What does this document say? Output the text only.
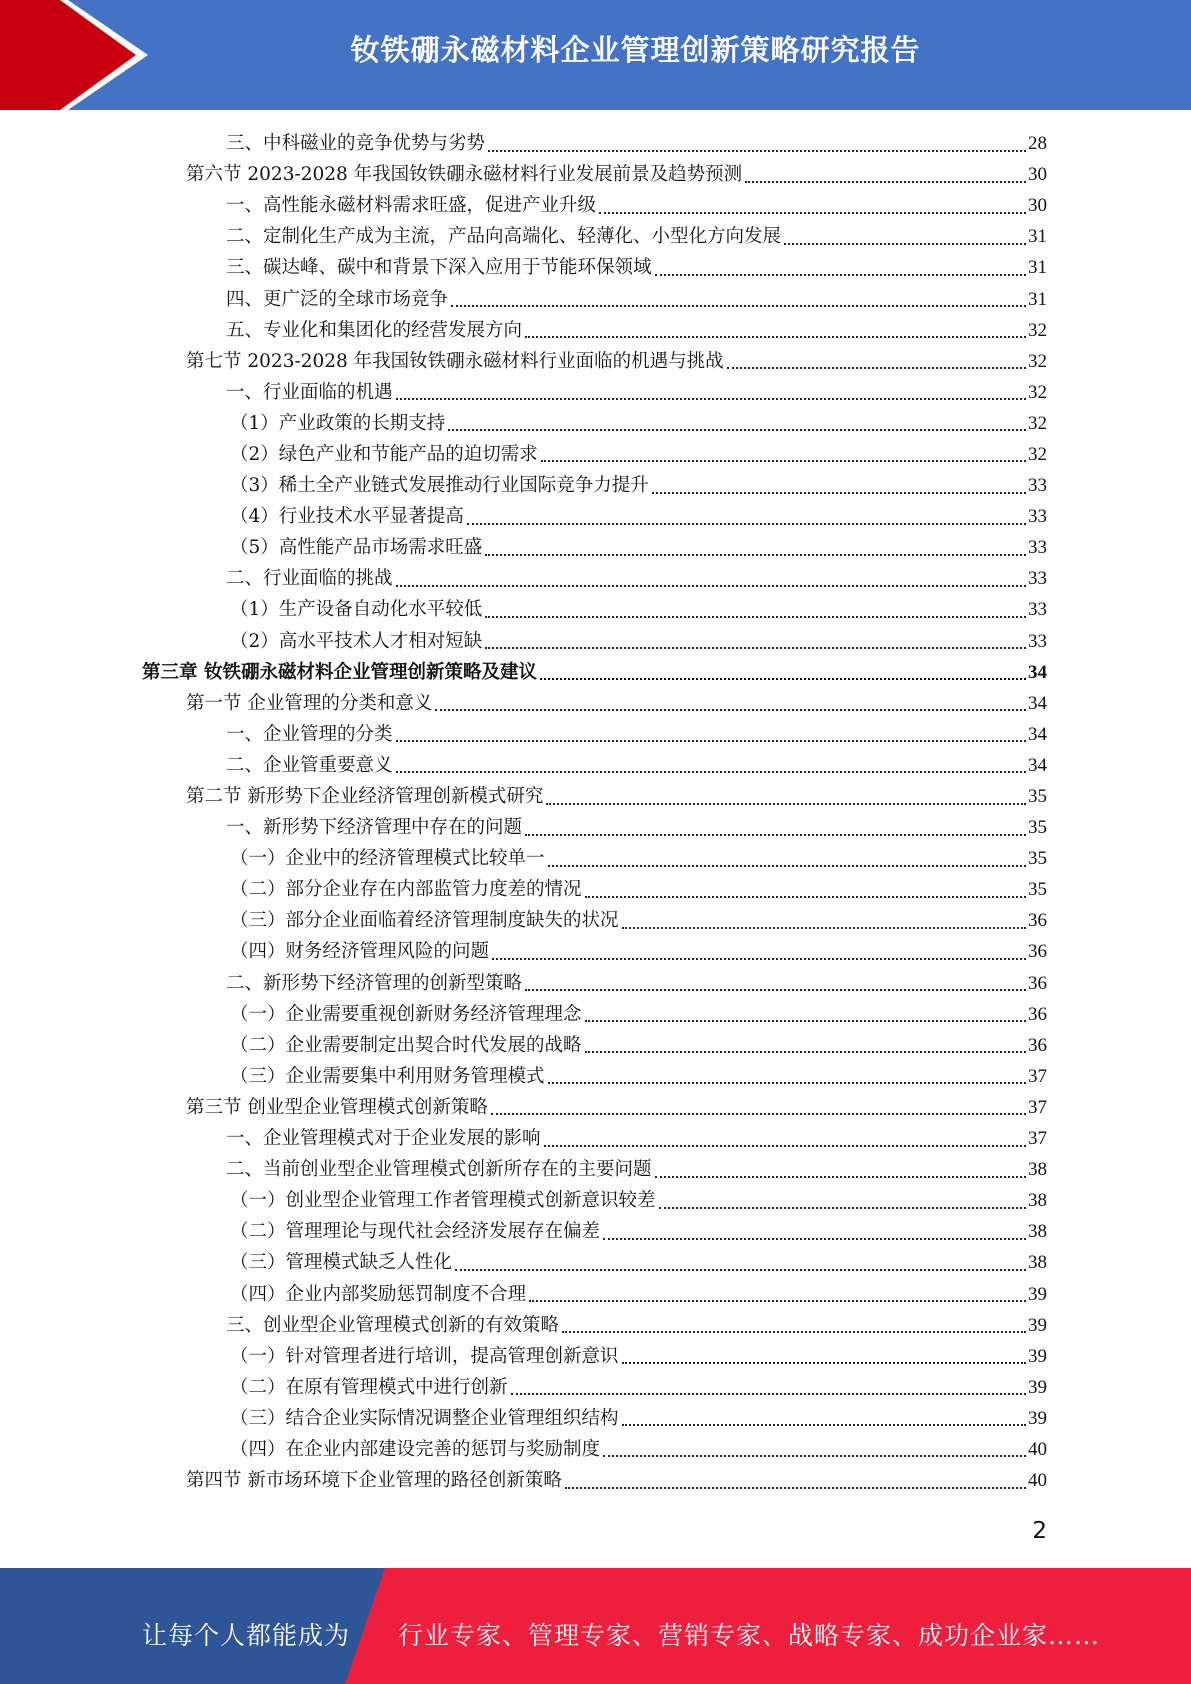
钕铁硼永磁材料企业管理创新策略研究报告
三、中科磁业的竞争优势与劣势	28
第六节 2023-2028 年我国钕铁硼永磁材料行业发展前景及趋势预测	30
一、高性能永磁材料需求旺盛，促进产业升级	30
二、定制化生产成为主流，产品向高端化、轻薄化、小型化方向发展	31
三、碳达峰、碳中和背景下深入应用于节能环保领域	31
四、更广泛的全球市场竞争	31
五、专业化和集团化的经营发展方向	32
第七节 2023-2028 年我国钕铁硼永磁材料行业面临的机遇与挑战	32
一、行业面临的机遇	32
（1）产业政策的长期支持	32
（2）绿色产业和节能产品的迫切需求	32
（3）稀土全产业链式发展推动行业国际竞争力提升	33
（4）行业技术水平显著提高	33
（5）高性能产品市场需求旺盛	33
二、行业面临的挑战	33
（1）生产设备自动化水平较低	33
（2）高水平技术人才相对短缺	33
第三章 钕铁硼永磁材料企业管理创新策略及建议	34
第一节 企业管理的分类和意义	34
一、企业管理的分类	34
二、企业管重要意义	34
第二节 新形势下企业经济管理创新模式研究	35
一、新形势下经济管理中存在的问题	35
（一）企业中的经济管理模式比较单一	35
（二）部分企业存在内部监管力度差的情况	35
（三）部分企业面临着经济管理制度缺失的状况	36
（四）财务经济管理风险的问题	36
二、新形势下经济管理的创新型策略	36
（一）企业需要重视创新财务经济管理理念	36
（二）企业需要制定出契合时代发展的战略	36
（三）企业需要集中利用财务管理模式	37
第三节 创业型企业管理模式创新策略	37
一、企业管理模式对于企业发展的影响	37
二、当前创业型企业管理模式创新所存在的主要问题	38
（一）创业型企业管理工作者管理模式创新意识较差	38
（二）管理理论与现代社会经济发展存在偏差	38
（三）管理模式缺乏人性化	38
（四）企业内部奖励惩罚制度不合理	39
三、创业型企业管理模式创新的有效策略	39
（一）针对管理者进行培训，提高管理创新意识	39
（二）在原有管理模式中进行创新	39
（三）结合企业实际情况调整企业管理组织结构	39
（四）在企业内部建设完善的惩罚与奖励制度	40
第四节 新市场环境下企业管理的路径创新策略	40
2
让每个人都能成为 行业专家、管理专家、营销专家、战略专家、成功企业家……
